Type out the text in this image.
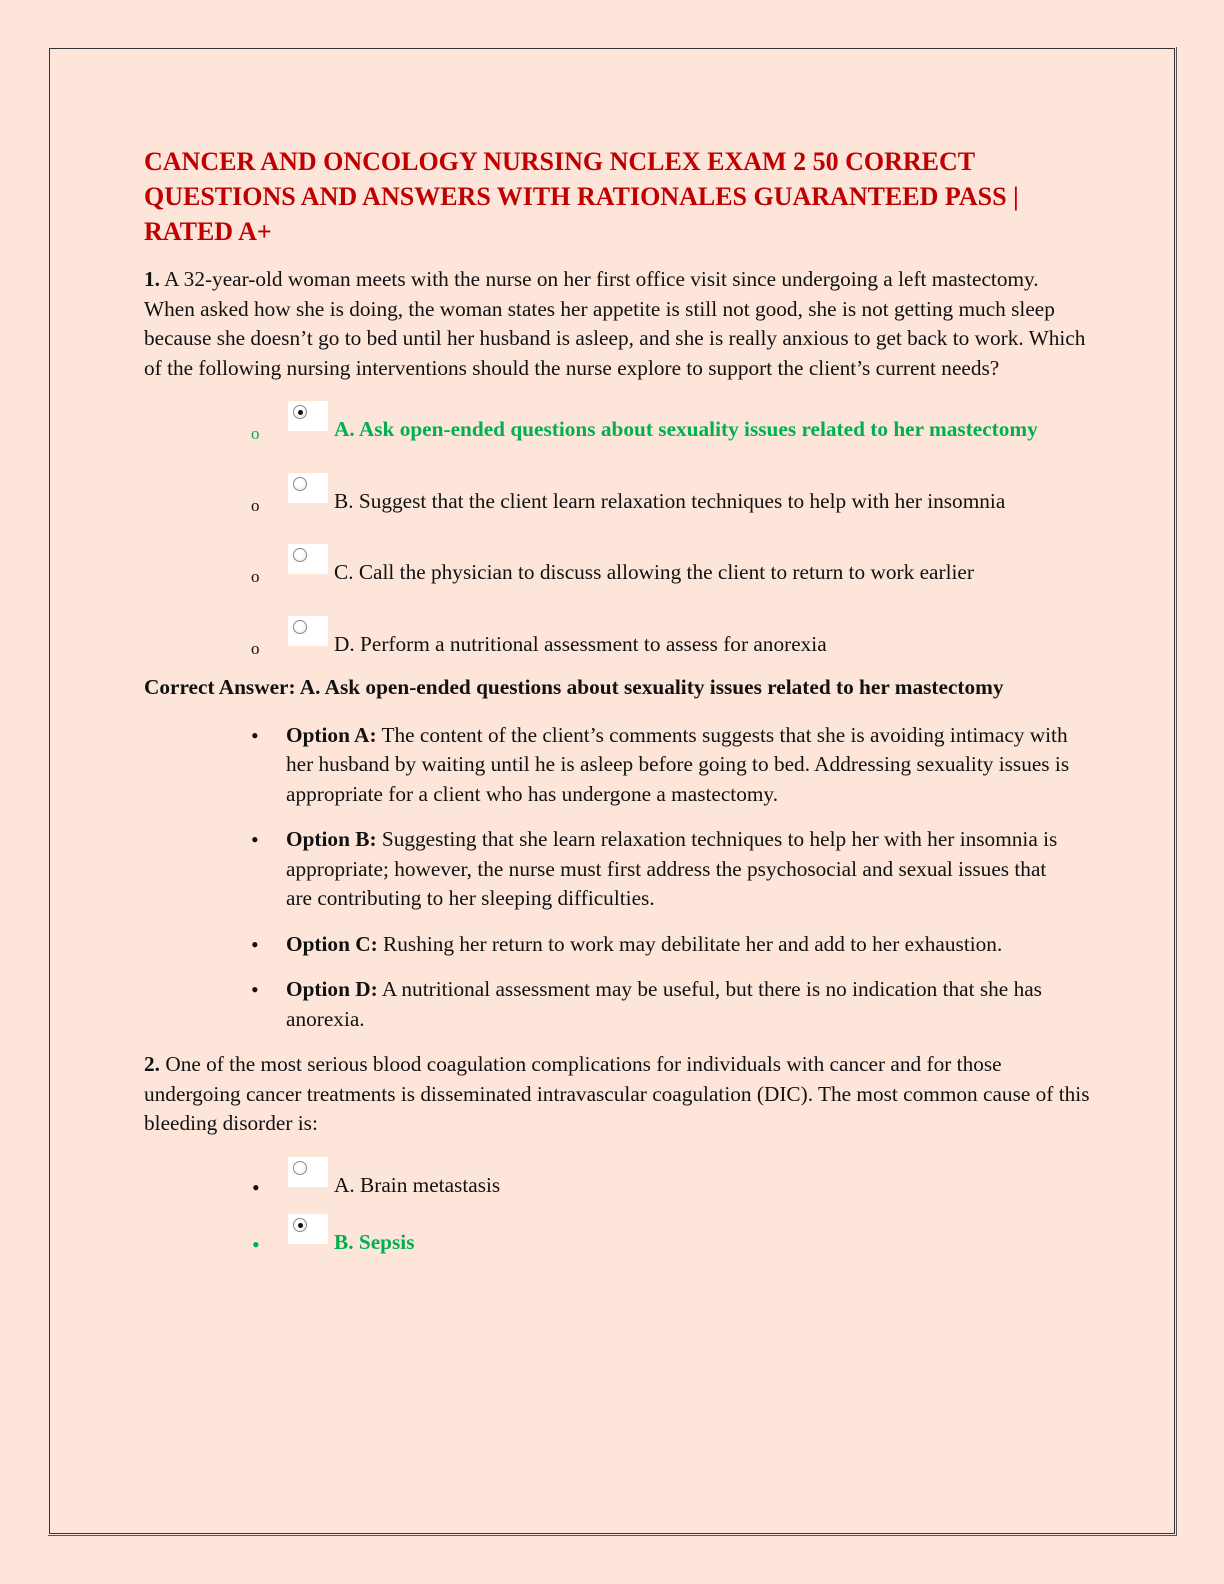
CANCER AND ONCOLOGY NURSING NCLEX EXAM 2 50 CORRECT QUESTIONS AND ANSWERS WITH RATIONALES GUARANTEED PASS | RATED A+

1. A 32-year-old woman meets with the nurse on her first office visit since undergoing a left mastectomy. When asked how she is doing, the woman states her appetite is still not good, she is not getting much sleep because she doesn’t go to bed until her husband is asleep, and she is really anxious to get back to work. Which of the following nursing interventions should the nurse explore to support the client’s current needs?

o	A. Ask open-ended questions about sexuality issues related to her mastectomy
o	B. Suggest that the client learn relaxation techniques to help with her insomnia
o	C. Call the physician to discuss allowing the client to return to work earlier
o	D. Perform a nutritional assessment to assess for anorexia

Correct Answer: A. Ask open-ended questions about sexuality issues related to her mastectomy

• Option A: The content of the client’s comments suggests that she is avoiding intimacy with her husband by waiting until he is asleep before going to bed. Addressing sexuality issues is appropriate for a client who has undergone a mastectomy.
• Option B: Suggesting that she learn relaxation techniques to help her with her insomnia is appropriate; however, the nurse must first address the psychosocial and sexual issues that are contributing to her sleeping difficulties.
• Option C: Rushing her return to work may debilitate her and add to her exhaustion.
• Option D: A nutritional assessment may be useful, but there is no indication that she has anorexia.

2. One of the most serious blood coagulation complications for individuals with cancer and for those undergoing cancer treatments is disseminated intravascular coagulation (DIC). The most common cause of this bleeding disorder is:

•	A. Brain metastasis
•	B. Sepsis
